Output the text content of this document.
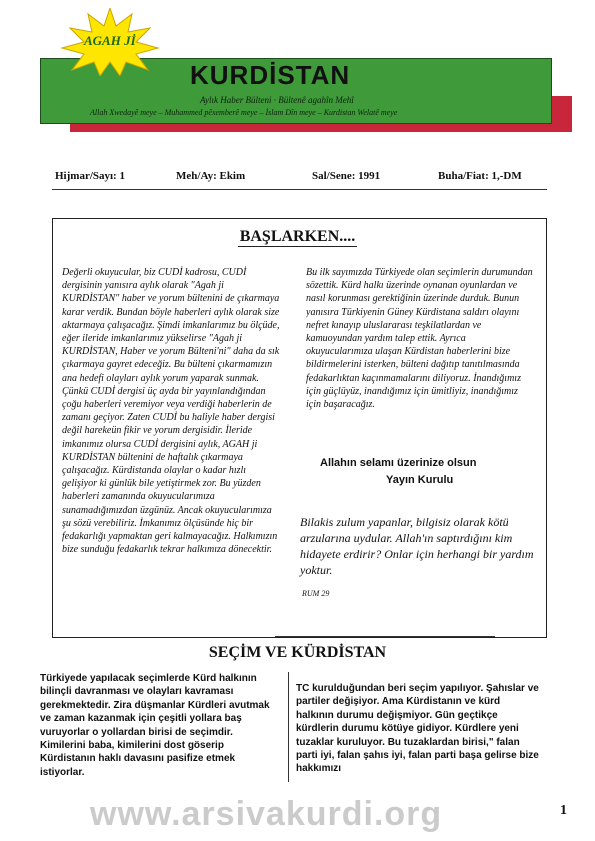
AGAH Jİ
KURDİSTAN
Aylık Haber Bülteni · Bültenê agahîn Mehî
Allah Xwedayê meye – Muhammed pêxemberê meye – İslam Dîn meye – Kurdistan Welatê meye
Hijmar/Sayı: 1	Meh/Ay: Ekim	Sal/Sene: 1991	Buha/Fiat: 1,-DM
BAŞLARKEN....

Değerli okuyucular, biz CUDİ kadrosu, CUDİ dergisinin yanısıra aylık olarak "Agah ji KURDİSTAN" haber ve yorum bültenini de çıkarmaya karar verdik. Bundan böyle haberleri aylık olarak size aktarmaya çalışacağız. Şimdi imkanlarımız bu ölçüde, eğer ileride imkanlarımız yükselirse "Agah ji KURDİSTAN, Haber ve yorum Bülteni'ni" daha da sık çıkarmaya gayret edeceğiz. Bu bülteni çıkarmamızın ana hedefi olayları aylık yorum yaparak sunmak. Çünkü CUDİ dergisi üç ayda bir yayınlandığından çoğu haberleri veremiyor veya verdiği haberlerin de zamanı geçiyor. Zaten CUDİ bu haliyle haber dergisi değil harekeün fikir ve yorum dergisidir. İleride imkanımız olursa CUDİ dergisini aylık, AGAH ji KURDİSTAN bültenini de haftalık çıkarmaya çalışacağız. Kürdistanda olaylar o kadar hızlı gelişiyor ki günlük bile yetiştirmek zor. Bu yüzden haberleri zamanında okuyucularımıza sunamadığımızdan üzgünüz. Ancak okuyucularımıza şu sözü verebiliriz. İmkanımız ölçüsünde hiç bir fedakarlığı yapmaktan geri kalmayacağız. Halkımızın bize sunduğu fedakarlık tekrar halkımıza dönecektir.

Bu ilk sayımızda Türkiyede olan seçimlerin durumundan sözettik. Kürd halkı üzerinde oynanan oyunlardan ve nasıl korunması gerektiğinin üzerinde durduk. Bunun yanısıra Türkiyenin Güney Kürdistana saldırı olayını nefret kınayıp uluslararası teşkilatlardan ve kamuoyundan yardım talep ettik. Ayrıca okuyucularımıza ulaşan Kürdistan haberlerini bize bildirmelerini isterken, bülteni dağıtıp tanıtılmasında fedakarlıktan kaçınmamalarını diliyoruz. İnandığımız için güçlüyüz, inandığımız için ümitliyiz, inandığımız için başaracağız.

Allahın selamı üzerinize olsun
Yayın Kurulu
Bilakis zulum yapanlar, bilgisiz olarak kötü arzularına uydular. Allah'ın saptırdığını kim hidayete erdirir? Onlar için herhangi bir yardım yoktur.
RUM 29
SEÇİM VE KÜRDİSTAN

Türkiyede yapılacak seçimlerde Kürd halkının bilinçli davranması ve olayları kavraması gerekmektedir. Zira düşmanlar Kürdleri avutmak ve zaman kazanmak için çeşitli yollara baş vuruyorlar o yollardan birisi de seçimdir. Kimilerini baba, kimilerini dost göserip Kürdistanın haklı davasını pasifize etmek istiyorlar.

TC kurulduğundan beri seçim yapılıyor. Şahıslar ve partiler değişiyor. Ama Kürdistanın ve kürd halkının durumu değişmiyor. Gün geçtikçe kürdlerin durumu kötüye gidiyor. Kürdlere yeni tuzaklar kuruluyor. Bu tuzaklardan birisi," falan parti iyi, falan şahıs iyi, falan parti başa gelirse bize hakkımızı

www.arsivakurdi.org	1
